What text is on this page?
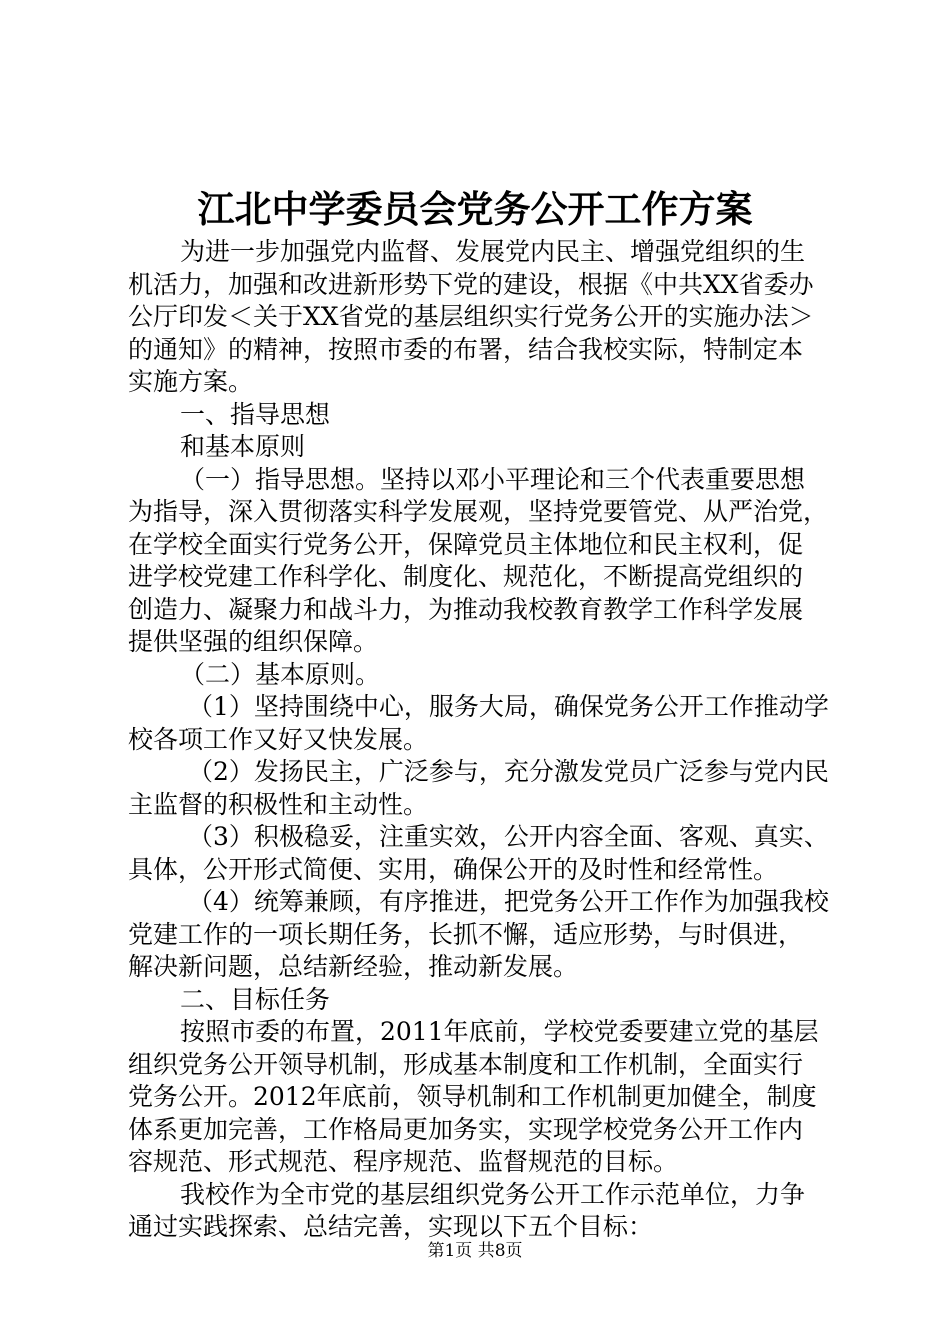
江北中学委员会党务公开工作方案
为进一步加强党内监督、发展党内民主、增强党组织的生
机活力，加强和改进新形势下党的建设，根据《中共XX省委办
公厅印发＜关于XX省党的基层组织实行党务公开的实施办法＞
的通知》的精神，按照市委的布署，结合我校实际，特制定本
实施方案。
一、指导思想
和基本原则
（一）指导思想。坚持以邓小平理论和三个代表重要思想
为指导，深入贯彻落实科学发展观，坚持党要管党、从严治党，
在学校全面实行党务公开，保障党员主体地位和民主权利，促
进学校党建工作科学化、制度化、规范化，不断提高党组织的
创造力、凝聚力和战斗力，为推动我校教育教学工作科学发展
提供坚强的组织保障。
（二）基本原则。
（1）坚持围绕中心，服务大局，确保党务公开工作推动学
校各项工作又好又快发展。
（2）发扬民主，广泛参与，充分激发党员广泛参与党内民
主监督的积极性和主动性。
（3）积极稳妥，注重实效，公开内容全面、客观、真实、
具体，公开形式简便、实用，确保公开的及时性和经常性。
（4）统筹兼顾，有序推进，把党务公开工作作为加强我校
党建工作的一项长期任务，长抓不懈，适应形势，与时俱进，
解决新问题，总结新经验，推动新发展。
二、目标任务
按照市委的布置，2011年底前，学校党委要建立党的基层
组织党务公开领导机制，形成基本制度和工作机制，全面实行
党务公开。2012年底前，领导机制和工作机制更加健全，制度
体系更加完善，工作格局更加务实，实现学校党务公开工作内
容规范、形式规范、程序规范、监督规范的目标。
我校作为全市党的基层组织党务公开工作示范单位，力争
通过实践探索、总结完善，实现以下五个目标：
第1页 共8页
